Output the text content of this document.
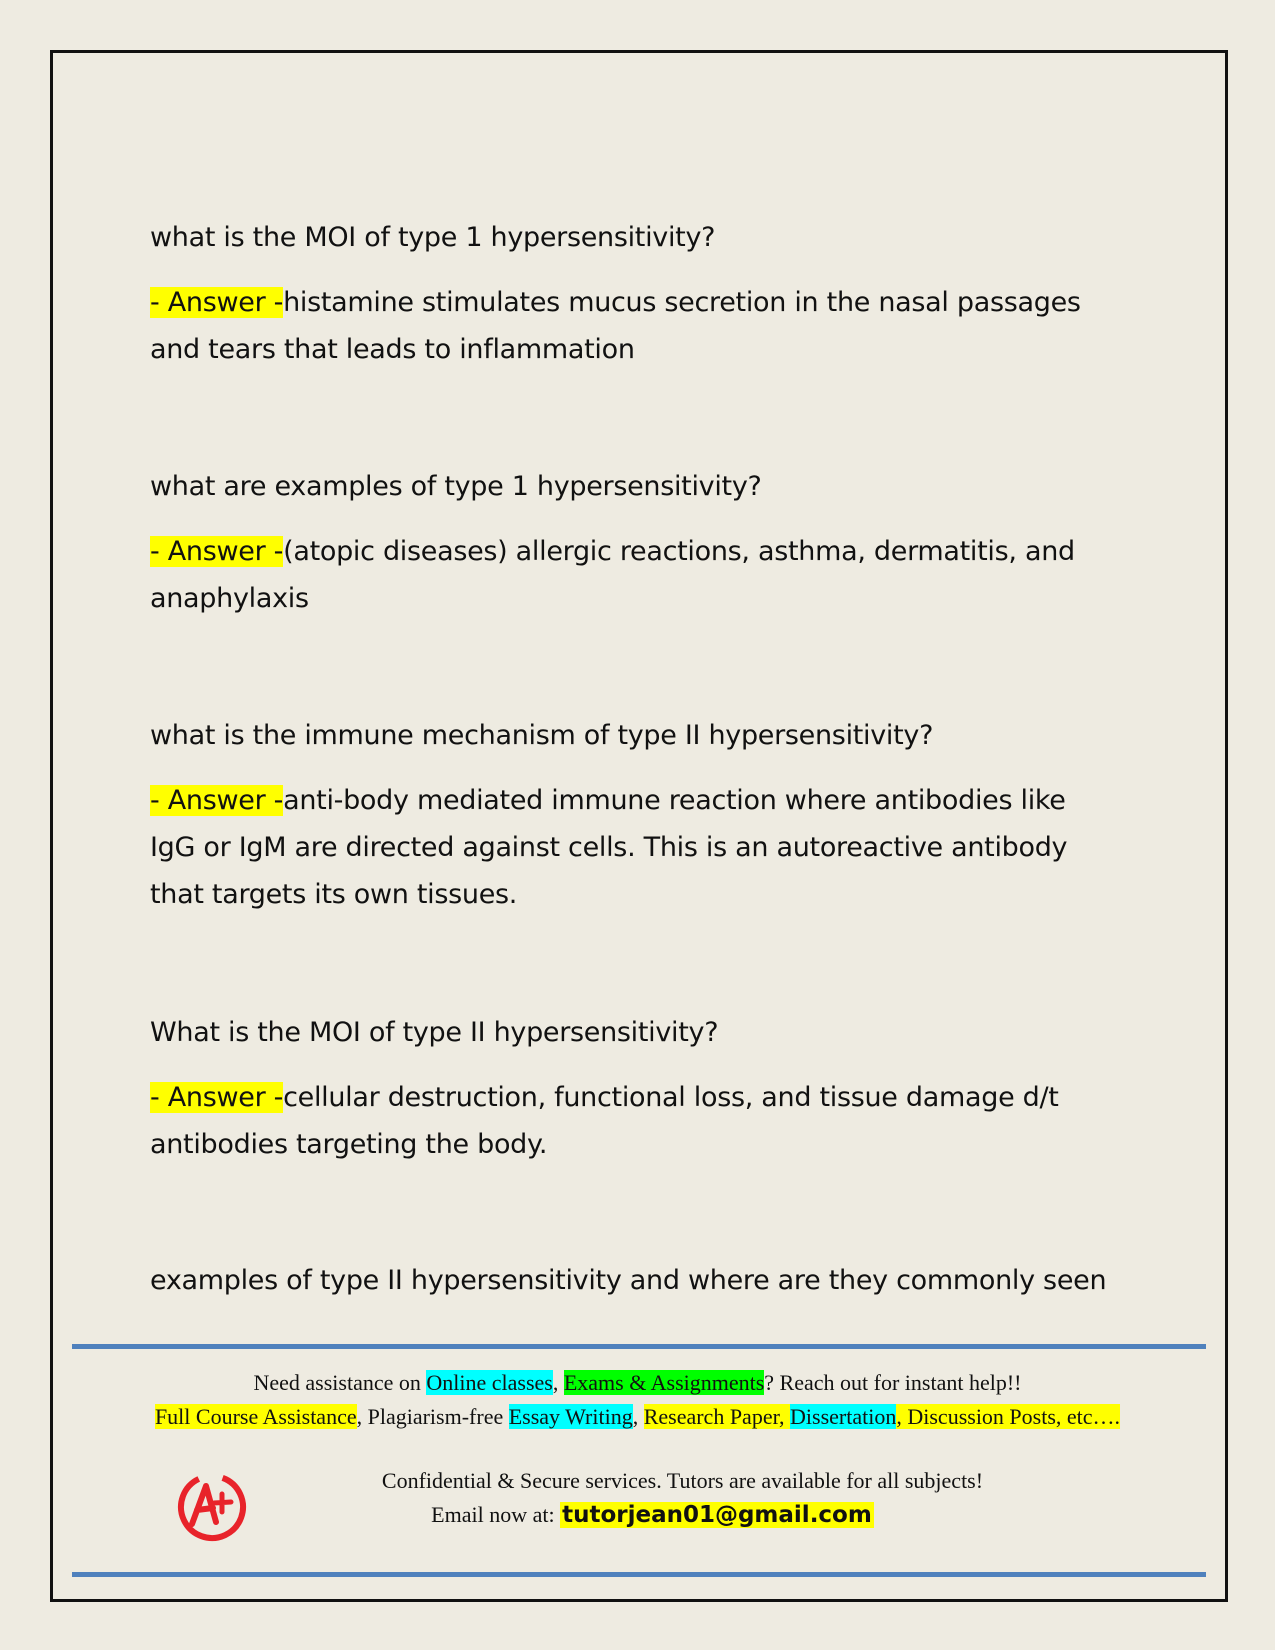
what is the MOI of type 1 hypersensitivity?

- Answer -histamine stimulates mucus secretion in the nasal passages and tears that leads to inflammation

what are examples of type 1 hypersensitivity?

- Answer -(atopic diseases) allergic reactions, asthma, dermatitis, and anaphylaxis

what is the immune mechanism of type II hypersensitivity?

- Answer -anti-body mediated immune reaction where antibodies like IgG or IgM are directed against cells. This is an autoreactive antibody that targets its own tissues.

What is the MOI of type II hypersensitivity?

- Answer -cellular destruction, functional loss, and tissue damage d/t antibodies targeting the body.

examples of type II hypersensitivity and where are they commonly seen

Need assistance on Online classes, Exams & Assignments? Reach out for instant help!!
Full Course Assistance, Plagiarism-free Essay Writing, Research Paper, Dissertation, Discussion Posts, etc….
Confidential & Secure services. Tutors are available for all subjects!
Email now at: tutorjean01@gmail.com
